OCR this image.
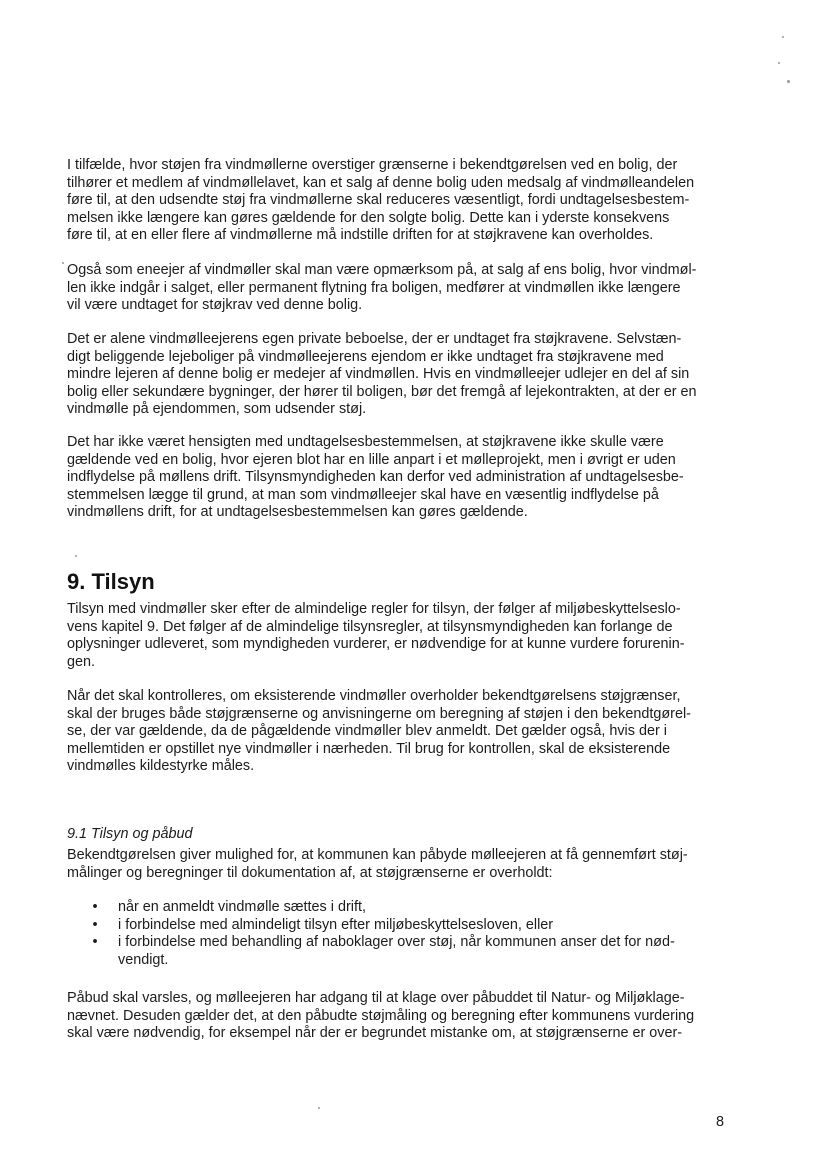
I tilfælde, hvor støjen fra vindmøllerne overstiger grænserne i bekendtgørelsen ved en bolig, der
tilhører et medlem af vindmøllelavet, kan et salg af denne bolig uden medsalg af vindmølleandelen
føre til, at den udsendte støj fra vindmøllerne skal reduceres væsentligt, fordi undtagelsesbestem-
melsen ikke længere kan gøres gældende for den solgte bolig. Dette kan i yderste konsekvens
føre til, at en eller flere af vindmøllerne må indstille driften for at støjkravene kan overholdes.
Også som eneejer af vindmøller skal man være opmærksom på, at salg af ens bolig, hvor vindmøl-
len ikke indgår i salget, eller permanent flytning fra boligen, medfører at vindmøllen ikke længere
vil være undtaget for støjkrav ved denne bolig.
Det er alene vindmølleejerens egen private beboelse, der er undtaget fra støjkravene. Selvstæn-
digt beliggende lejeboliger på vindmølleejerens ejendom er ikke undtaget fra støjkravene med
mindre lejeren af denne bolig er medejer af vindmøllen. Hvis en vindmølleejer udlejer en del af sin
bolig eller sekundære bygninger, der hører til boligen, bør det fremgå af lejekontrakten, at der er en
vindmølle på ejendommen, som udsender støj.
Det har ikke været hensigten med undtagelsesbestemmelsen, at støjkravene ikke skulle være
gældende ved en bolig, hvor ejeren blot har en lille anpart i et mølleprojekt, men i øvrigt er uden
indflydelse på møllens drift. Tilsynsmyndigheden kan derfor ved administration af undtagelsesbe-
stemmelsen lægge til grund, at man som vindmølleejer skal have en væsentlig indflydelse på
vindmøllens drift, for at undtagelsesbestemmelsen kan gøres gældende.
9. Tilsyn
Tilsyn med vindmøller sker efter de almindelige regler for tilsyn, der følger af miljøbeskyttelseslo-
vens kapitel 9. Det følger af de almindelige tilsynsregler, at tilsynsmyndigheden kan forlange de
oplysninger udleveret, som myndigheden vurderer, er nødvendige for at kunne vurdere forurenin-
gen.
Når det skal kontrolleres, om eksisterende vindmøller overholder bekendtgørelsens støjgrænser,
skal der bruges både støjgrænserne og anvisningerne om beregning af støjen i den bekendtgørel-
se, der var gældende, da de pågældende vindmøller blev anmeldt. Det gælder også, hvis der i
mellemtiden er opstillet nye vindmøller i nærheden. Til brug for kontrollen, skal de eksisterende
vindmølles kildestyrke måles.
9.1 Tilsyn og påbud
Bekendtgørelsen giver mulighed for, at kommunen kan påbyde mølleejeren at få gennemført støj-
målinger og beregninger til dokumentation af, at støjgrænserne er overholdt:
• når en anmeldt vindmølle sættes i drift,
• i forbindelse med almindeligt tilsyn efter miljøbeskyttelsesloven, eller
• i forbindelse med behandling af naboklager over støj, når kommunen anser det for nød-
vendigt.
Påbud skal varsles, og mølleejeren har adgang til at klage over påbuddet til Natur- og Miljøklage-
nævnet. Desuden gælder det, at den påbudte støjmåling og beregning efter kommunens vurdering
skal være nødvendig, for eksempel når der er begrundet mistanke om, at støjgrænserne er over-
8
